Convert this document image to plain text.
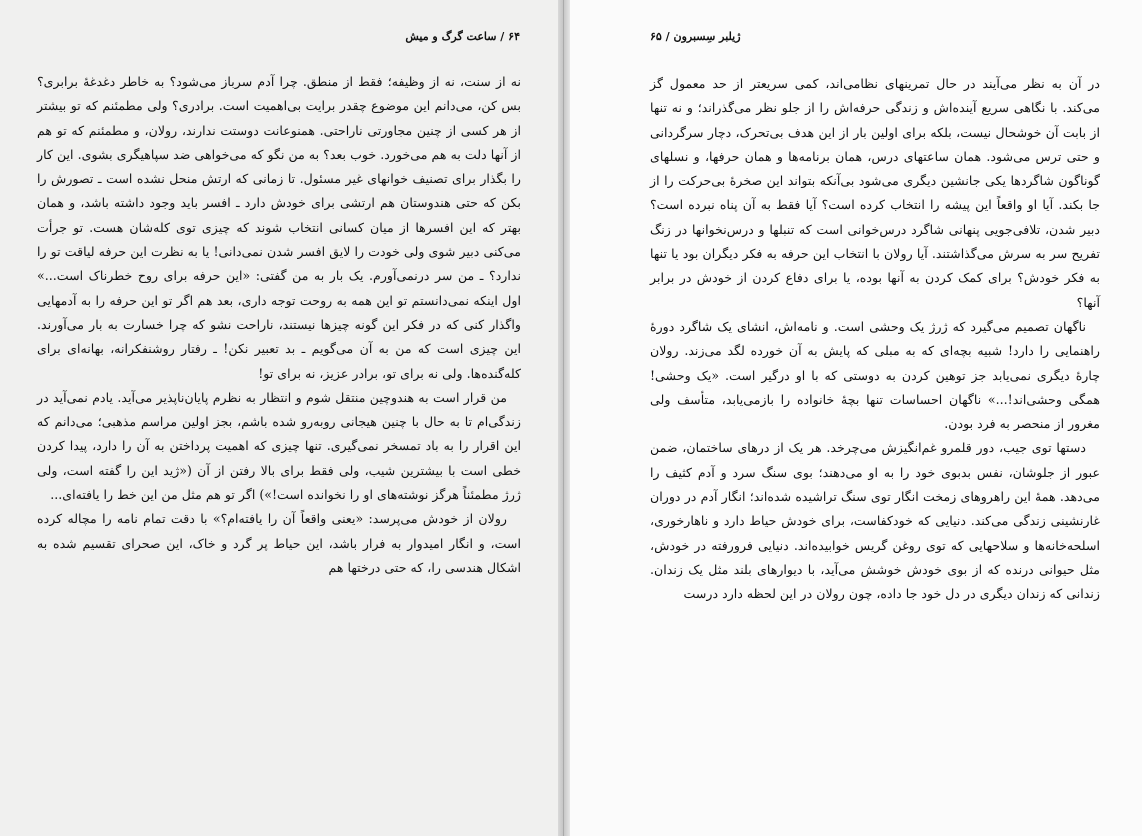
۶۴ / ساعت گرگ و میش

نه از سنت، نه از وظیفه؛ فقط از منطق. چرا آدم سرباز می‌شود؟ به خاطر دغدغهٔ برابری؟ بس کن، می‌دانم این موضوع چقدر برایت بی‌اهمیت است. برادری؟ ولی مطمئنم که تو بیشتر از هر کسی از چنین مجاورتی ناراحتی. همنوعانت دوستت ندارند، رولان، و مطمئنم که تو هم از آنها دلت به هم می‌خورد. خوب بعد؟ به من نگو که می‌خواهی ضد سپاهیگری بشوی. این کار را بگذار برای تصنیف خوانهای غیر مسئول. تا زمانی که ارتش منحل نشده است ـ تصورش را بکن که حتی هندوستان هم ارتشی برای خودش دارد ـ افسر باید وجود داشته باشد، و همان بهتر که این افسرها از میان کسانی انتخاب شوند که چیزی توی کله‌شان هست. تو جرأت می‌کنی دبیر شوی ولی خودت را لایق افسر شدن نمی‌دانی! یا به نظرت این حرفه لیاقت تو را ندارد؟ ـ من سر درنمی‌آورم. یک بار به من گفتی: «این حرفه برای روح خطرناک است...» اول اینکه نمی‌دانستم تو این همه به روحت توجه داری، بعد هم اگر تو این حرفه را به آدمهایی واگذار کنی که در فکر این گونه چیزها نیستند، ناراحت نشو که چرا خسارت به بار می‌آورند. این چیزی است که من به آن می‌گویم ـ بد تعبیر نکن! ـ رفتار روشنفکرانه، بهانه‌ای برای کله‌گنده‌ها. ولی نه برای تو، برادر عزیز، نه برای تو!

من قرار است به هندوچین منتقل شوم و انتظار به نظرم پایان‌ناپذیر می‌آید. یادم نمی‌آید در زندگی‌ام تا به حال با چنین هیجانی روبه‌رو شده باشم، بجز اولین مراسم مذهبی؛ می‌دانم که این اقرار را به باد تمسخر نمی‌گیری. تنها چیزی که اهمیت پرداختن به آن را دارد، پیدا کردن خطی است با بیشترین شیب، ولی فقط برای بالا رفتن از آن («ژید این را گفته است، ولی ژرژ مطمئناً هرگز نوشته‌های او را نخوانده است!») اگر تو هم مثل من این خط را یافته‌ای...

رولان از خودش می‌پرسد: «یعنی واقعاً آن را یافته‌ام؟» با دقت تمام نامه را مچاله کرده است، و انگار امیدوار به فرار باشد، این حیاط پر گرد و خاک، این صحرای تقسیم شده به اشکال هندسی را، که حتی درختها هم

ژیلبر سِسبرون / ۶۵

در آن به نظر می‌آیند در حال تمرینهای نظامی‌اند، کمی سریعتر از حد معمول گز می‌کند. با نگاهی سریع آینده‌اش و زندگی حرفه‌اش را از جلو نظر می‌گذراند؛ و نه تنها از بابت آن خوشحال نیست، بلکه برای اولین بار از این هدف بی‌تحرک، دچار سرگردانی و حتی ترس می‌شود. همان ساعتهای درس، همان برنامه‌ها و همان حرفها، و نسلهای گوناگون شاگردها یکی جانشین دیگری می‌شود بی‌آنکه بتواند این صخرهٔ بی‌حرکت را از جا بکند. آیا او واقعاً این پیشه را انتخاب کرده است؟ آیا فقط به آن پناه نبرده است؟ دبیر شدن، تلافی‌جویی پنهانی شاگرد درس‌خوانی است که تنبلها و درس‌نخوانها در زنگ تفریح سر به سرش می‌گذاشتند. آیا رولان با انتخاب این حرفه به فکر دیگران بود یا تنها به فکر خودش؟ برای کمک کردن به آنها بوده، یا برای دفاع کردن از خودش در برابر آنها؟

ناگهان تصمیم می‌گیرد که ژرژ یک وحشی است. و نامه‌اش، انشای یک شاگرد دورهٔ راهنمایی را دارد! شبیه بچه‌ای که به مبلی که پایش به آن خورده لگد می‌زند. رولان چارهٔ دیگری نمی‌یابد جز توهین کردن به دوستی که با او درگیر است. «یک وحشی! همگی وحشی‌اند!...» ناگهان احساسات تنها بچهٔ خانواده را بازمی‌یابد، متأسف ولی مغرور از منحصر به فرد بودن.

دستها توی جیب، دور قلمرو غم‌انگیزش می‌چرخد. هر یک از درهای ساختمان، ضمن عبور از جلوشان، نفس بدبوی خود را به او می‌دهند؛ بوی سنگ سرد و آدم کثیف را می‌دهد. همهٔ این راهروهای زمخت انگار توی سنگ تراشیده شده‌اند؛ انگار آدم در دوران غارنشینی زندگی می‌کند. دنیایی که خودکفاست، برای خودش حیاط دارد و ناهارخوری، اسلحه‌خانه‌ها و سلاحهایی که توی روغن گریس خوابیده‌اند. دنیایی فرورفته در خودش، مثل حیوانی درنده که از بوی خودش خوشش می‌آید، با دیوارهای بلند مثل یک زندان. زندانی که زندان دیگری در دل خود جا داده، چون رولان در این لحظه دارد درست
